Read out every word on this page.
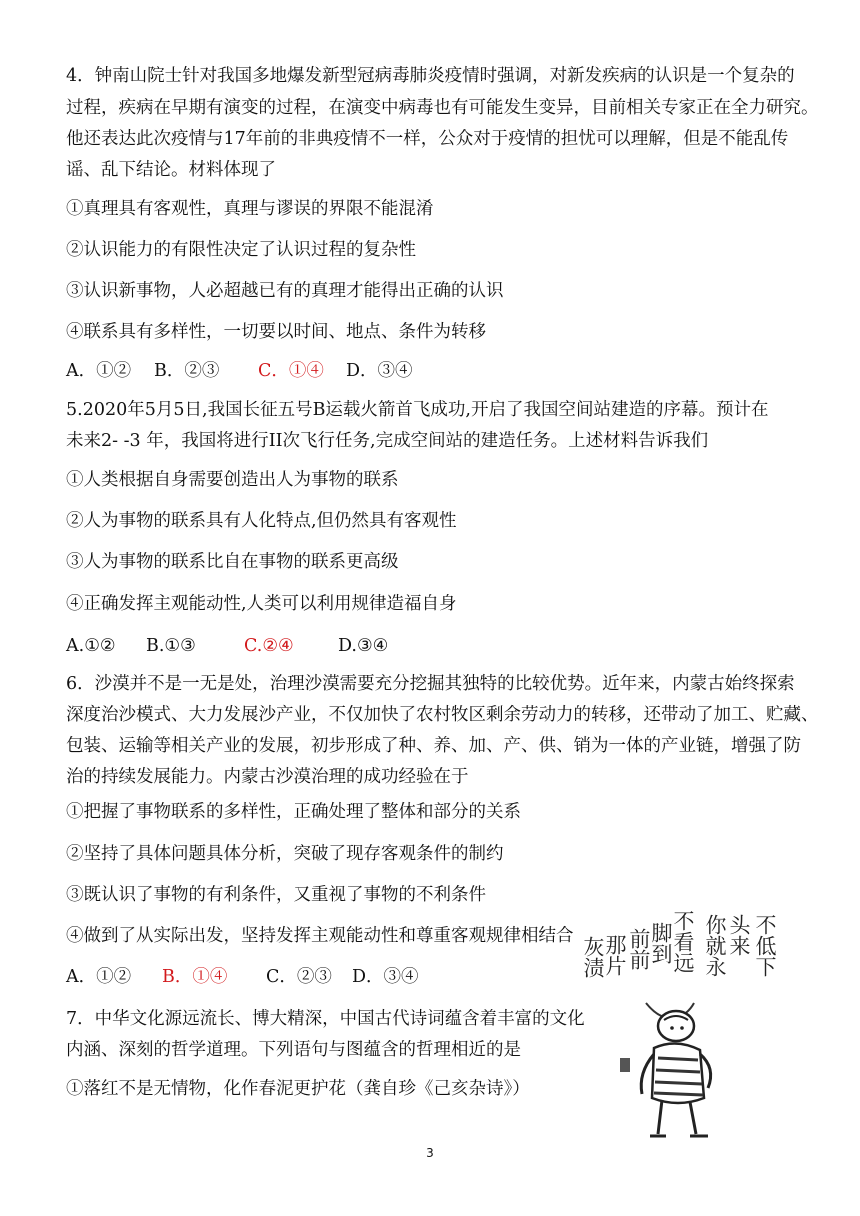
4．钟南山院士针对我国多地爆发新型冠病毒肺炎疫情时强调，对新发疾病的认识是一个复杂的
过程，疾病在早期有演变的过程，在演变中病毒也有可能发生变异，目前相关专家正在全力研究。
他还表达此次疫情与17年前的非典疫情不一样，公众对于疫情的担忧可以理解，但是不能乱传
谣、乱下结论。材料体现了
①真理具有客观性，真理与谬误的界限不能混淆
②认识能力的有限性决定了认识过程的复杂性
③认识新事物，人必超越已有的真理才能得出正确的认识
④联系具有多样性，一切要以时间、地点、条件为转移
A．①② B．②③ C．①④ D．③④
5.2020年5月5日,我国长征五号B运载火箭首飞成功,开启了我国空间站建造的序幕。预计在
未来2- -3 年，我国将进行II次飞行任务,完成空间站的建造任务。上述材料告诉我们
①人类根据自身需要创造出人为事物的联系
②人为事物的联系具有人化特点,但仍然具有客观性
③人为事物的联系比自在事物的联系更高级
④正确发挥主观能动性,人类可以利用规律造福自身
A.①② B.①③	C.②④	D.③④
6．沙漠并不是一无是处，治理沙漠需要充分挖掘其独特的比较优势。近年来，内蒙古始终探索
深度治沙模式、大力发展沙产业，不仅加快了农村牧区剩余劳动力的转移，还带动了加工、贮藏、
包装、运输等相关产业的发展，初步形成了种、养、加、产、供、销为一体的产业链，增强了防
治的持续发展能力。内蒙古沙漠治理的成功经验在于
①把握了事物联系的多样性，正确处理了整体和部分的关系
②坚持了具体问题具体分析，突破了现存客观条件的制约
③既认识了事物的有利条件，又重视了事物的不利条件
④做到了从实际出发，坚持发挥主观能动性和尊重客观规律相结合
A．①② B．①④ C．②③ D．③④
7．中华文化源远流长、博大精深，中国古代诗词蕴含着丰富的文化
内涵、深刻的哲学道理。下列语句与图蕴含的哲理相近的是
①落红不是无情物，化作春泥更护花（龚自珍《己亥杂诗》）
不低下
头来
你就永
不看远
脚到
前前
那片
灰渍
3
